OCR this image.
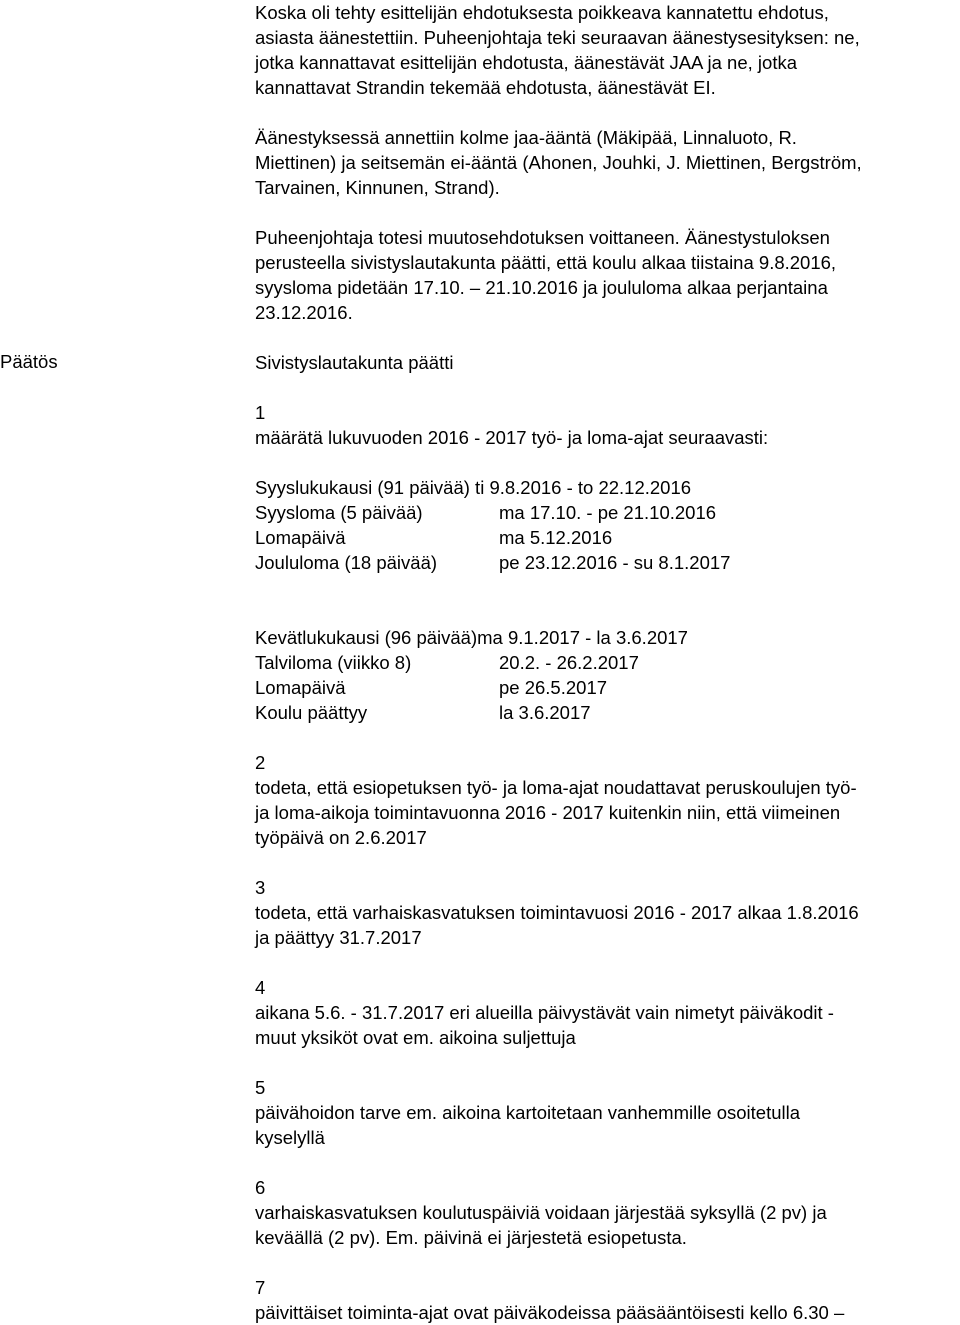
Päätös
Koska oli tehty esittelijän ehdotuksesta poikkeava kannatettu ehdotus,
asiasta äänestettiin. Puheenjohtaja teki seuraavan äänestysesityksen: ne,
jotka kannattavat esittelijän ehdotusta, äänestävät JAA ja ne, jotka
kannattavat Strandin tekemää ehdotusta, äänestävät EI.
Äänestyksessä annettiin kolme jaa-ääntä (Mäkipää, Linnaluoto, R.
Miettinen) ja seitsemän ei-ääntä (Ahonen, Jouhki, J. Miettinen, Bergström,
Tarvainen, Kinnunen, Strand).
Puheenjohtaja totesi muutosehdotuksen voittaneen. Äänestystuloksen
perusteella sivistyslautakunta päätti, että koulu alkaa tiistaina 9.8.2016,
syysloma pidetään 17.10. – 21.10.2016 ja joululoma alkaa perjantaina
23.12.2016.
Sivistyslautakunta päätti
1
määrätä lukuvuoden 2016 - 2017 työ- ja loma-ajat seuraavasti:
Syyslukukausi (91 päivää) ti 9.8.2016 - to 22.12.2016
Syysloma (5 päivää)	ma 17.10. - pe 21.10.2016
Lomapäivä	ma 5.12.2016
Joululoma (18 päivää)	pe 23.12.2016 - su 8.1.2017
Kevätlukukausi (96 päivää)ma 9.1.2017 - la 3.6.2017
Talviloma (viikko 8)	20.2. - 26.2.2017
Lomapäivä	pe 26.5.2017
Koulu päättyy	la 3.6.2017
2
todeta, että esiopetuksen työ- ja loma-ajat noudattavat peruskoulujen työ-
ja loma-aikoja toimintavuonna 2016 - 2017 kuitenkin niin, että viimeinen
työpäivä on 2.6.2017
3
todeta, että varhaiskasvatuksen toimintavuosi 2016 - 2017 alkaa 1.8.2016
ja päättyy 31.7.2017
4
aikana 5.6. - 31.7.2017 eri alueilla päivystävät vain nimetyt päiväkodit -
muut yksiköt ovat em. aikoina suljettuja
5
päivähoidon tarve em. aikoina kartoitetaan vanhemmille osoitetulla
kyselyllä
6
varhaiskasvatuksen koulutuspäiviä voidaan järjestää syksyllä (2 pv) ja
keväällä (2 pv). Em. päivinä ei järjestetä esiopetusta.
7
päivittäiset toiminta-ajat ovat päiväkodeissa pääsääntöisesti kello 6.30 –
